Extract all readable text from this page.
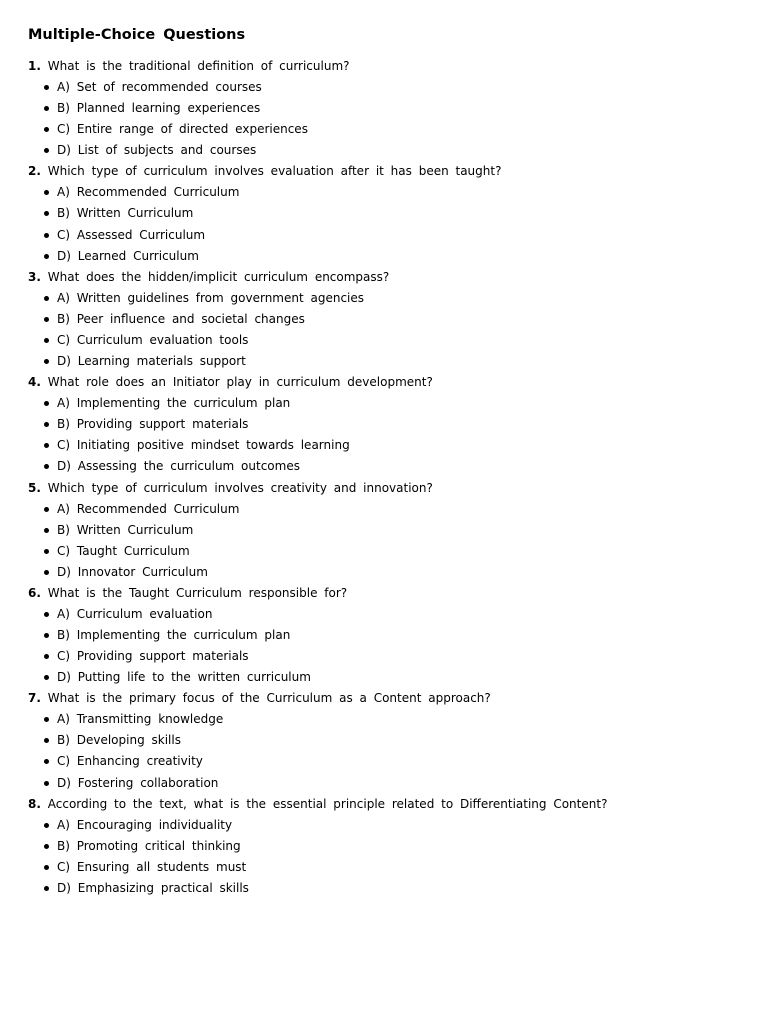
Multiple-Choice Questions
1. What is the traditional definition of curriculum?
A) Set of recommended courses
B) Planned learning experiences
C) Entire range of directed experiences
D) List of subjects and courses
2. Which type of curriculum involves evaluation after it has been taught?
A) Recommended Curriculum
B) Written Curriculum
C) Assessed Curriculum
D) Learned Curriculum
3. What does the hidden/implicit curriculum encompass?
A) Written guidelines from government agencies
B) Peer influence and societal changes
C) Curriculum evaluation tools
D) Learning materials support
4. What role does an Initiator play in curriculum development?
A) Implementing the curriculum plan
B) Providing support materials
C) Initiating positive mindset towards learning
D) Assessing the curriculum outcomes
5. Which type of curriculum involves creativity and innovation?
A) Recommended Curriculum
B) Written Curriculum
C) Taught Curriculum
D) Innovator Curriculum
6. What is the Taught Curriculum responsible for?
A) Curriculum evaluation
B) Implementing the curriculum plan
C) Providing support materials
D) Putting life to the written curriculum
7. What is the primary focus of the Curriculum as a Content approach?
A) Transmitting knowledge
B) Developing skills
C) Enhancing creativity
D) Fostering collaboration
8. According to the text, what is the essential principle related to Differentiating Content?
A) Encouraging individuality
B) Promoting critical thinking
C) Ensuring all students must
D) Emphasizing practical skills
